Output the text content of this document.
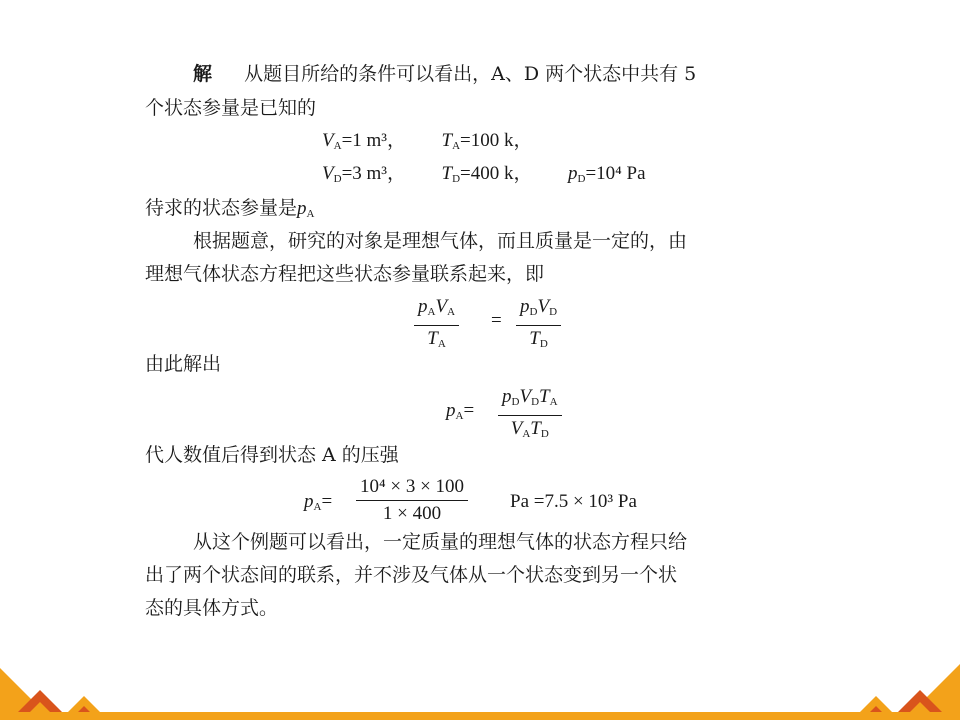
解 从题目所给的条件可以看出，A、D 两个状态中共有 5
个状态参量是已知的
$V_A=1$ m³， $T_A=100$ k，
$V_D=3$ m³， $T_D=400$ k， $p_D=10^4$ Pa
待求的状态参量是$p_A$
根据题意，研究的对象是理想气体，而且质量是一定的，由
理想气体状态方程把这些状态参量联系起来，即
$p_AV_A$
$T_A$
=
$p_DV_D$
$T_D$
由此解出
$p_A=$
$p_DV_DT_A$
$V_AT_D$
代人数值后得到状态 A 的压强
$p_A= \frac{\text{10⁴ × 3 × 100}}{1 \times 400}$ Pa =7.5 × 10³ Pa
从这个例题可以看出，一定质量的理想气体的状态方程只给
出了两个状态间的联系，并不涉及气体从一个状态变到另一个状
态的具体方式。
